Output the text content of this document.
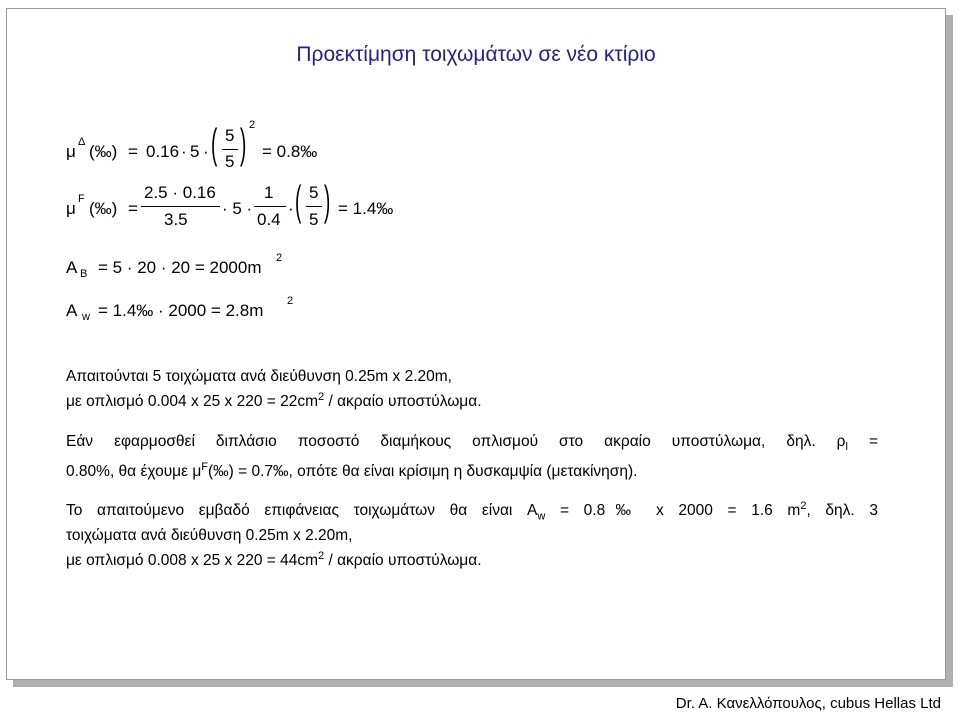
Προεκτίμηση τοιχωμάτων σε νέο κτίριο
μ Δ (‰) = 0.16 · 5 · ( 5
5 ) 2
= 0.8‰
μ F (‰) =
2.5 · 0.16
3.5
· 5 ·
1
0.4
· ( 5
5 ) = 1.4‰
A B = 5 · 20 · 20 = 2000m 2
A w = 1.4‰ · 2000 = 2.8m 2

Απαιτούνται 5 τοιχώματα ανά διεύθυνση 0.25m x 2.20m,

με οπλισμό 0.004 x 25 x $220 = 22cm^2 / \alpha\kappa\rho\alpha ίo$ υποστύλωμα.

Εάν εφαρμοσθεί διπλάσιο ποσοστό διαμήκους οπλισμού στο ακραίο υποστύλωμα, δηλ. $\rho_l$ =

0.80%, θα έχουμε $\mu^F(‰)$ = 0.7‰, οπότε θα είναι κρίσιμη η δυσκαμψία (μετακίνηση).

Το απαιτούμενο εμβαδό επιφάνειας τοιχωμάτων θα είναι $A_w$ = 0.8‰ x 2000 = 1.6 $m^2$, δηλ. 3

τοιχώματα ανά διεύθυνση 0.25m x 2.20m,

με οπλισμό 0.008 x 25 x $220 = 44cm^2 / \alpha\kappa\rho\alpha ίo$ υποστύλωμα.

Dr. A. Κανελλόπουλος, cubus Hellas Ltd
